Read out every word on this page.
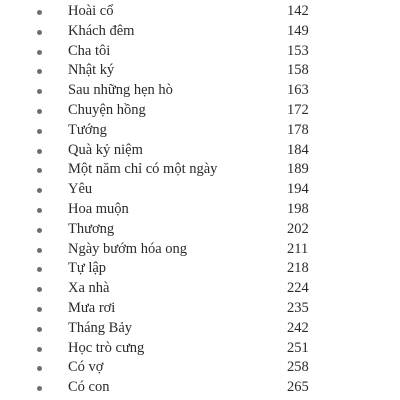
Hoài cổ	142
Khách đêm	149
Cha tôi	153
Nhật ký	158
Sau những hẹn hò	163
Chuyện hồng	172
Tướng	178
Quà kỷ niệm	184
Một năm chỉ có một ngày	189
Yêu	194
Hoa muộn	198
Thương	202
Ngày bướm hóa ong	211
Tự lập	218
Xa nhà	224
Mưa rơi	235
Tháng Bảy	242
Học trò cưng	251
Có vợ	258
Có con	265
